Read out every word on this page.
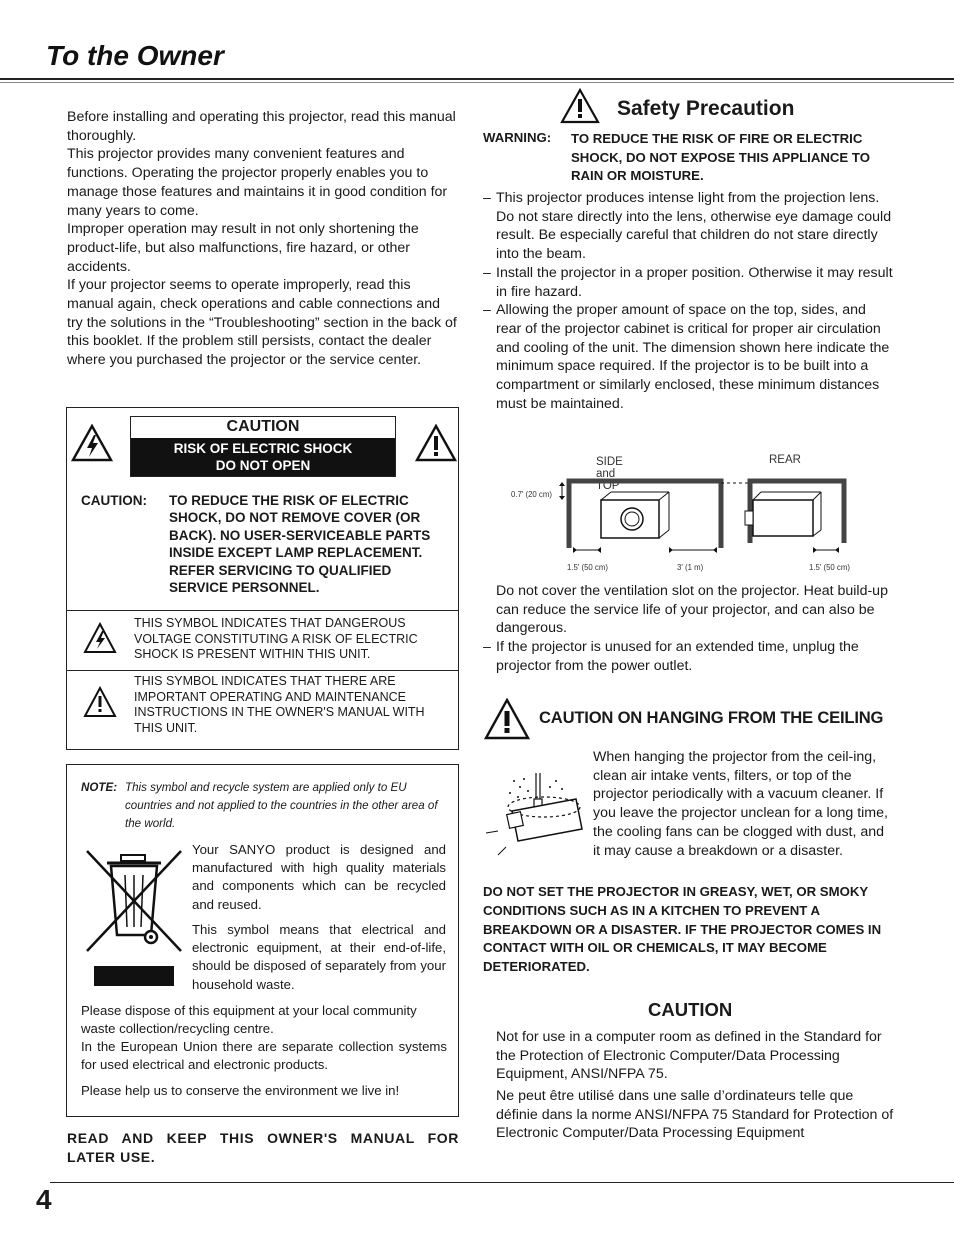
To the Owner

Before installing and operating this projector, read this manual thoroughly.

This projector provides many convenient features and functions. Operating the projector properly enables you to manage those features and maintains it in good condition for many years to come.

Improper operation may result in not only shortening the product-life, but also malfunctions, fire hazard, or other accidents.

If your projector seems to operate improperly, read this manual again, check operations and cable connections and try the solutions in the “Troubleshooting” section in the back of this booklet. If the problem still persists, contact the dealer where you purchased the projector or the service center.

CAUTION
RISK OF ELECTRIC SHOCK
DO NOT OPEN
CAUTION: TO REDUCE THE RISK OF ELECTRIC SHOCK, DO NOT REMOVE COVER (OR BACK). NO USER-SERVICEABLE PARTS INSIDE EXCEPT LAMP REPLACEMENT. REFER SERVICING TO QUALIFIED SERVICE PERSONNEL.
THIS SYMBOL INDICATES THAT DANGEROUS VOLTAGE CONSTITUTING A RISK OF ELECTRIC SHOCK IS PRESENT WITHIN THIS UNIT.
THIS SYMBOL INDICATES THAT THERE ARE IMPORTANT OPERATING AND MAINTENANCE INSTRUCTIONS IN THE OWNER'S MANUAL WITH THIS UNIT.
NOTE: This symbol and recycle system are applied only to EU countries and not applied to the countries in the other area of the world.

Your SANYO product is designed and manufactured with high quality materials and components which can be recycled and reused.

This symbol means that electrical and electronic equipment, at their end-of-life, should be disposed of separately from your household waste.

Please dispose of this equipment at your local community waste collection/recycling centre.

In the European Union there are separate collection systems for used electrical and electronic products.

Please help us to conserve the environment we live in!

READ AND KEEP THIS OWNER'S MANUAL FOR LATER USE.
Safety Precaution
WARNING: TO REDUCE THE RISK OF FIRE OR ELECTRIC SHOCK, DO NOT EXPOSE THIS APPLIANCE TO RAIN OR MOISTURE.
– This projector produces intense light from the projection lens. Do not stare directly into the lens, otherwise eye damage could result. Be especially careful that children do not stare directly into the beam.
– Install the projector in a proper position. Otherwise it may result in fire hazard.
– Allowing the proper amount of space on the top, sides, and rear of the projector cabinet is critical for proper air circulation and cooling of the unit. The dimension shown here indicate the minimum space required. If the projector is to be built into a compartment or similarly enclosed, these minimum distances must be maintained.
SIDE and TOP
REAR
0.7' (20 cm)
1.5' (50 cm)	3' (1 m)	1.5' (50 cm)

Do not cover the ventilation slot on the projector. Heat build-up can reduce the service life of your projector, and can also be dangerous.

– If the projector is unused for an extended time, unplug the projector from the power outlet.
CAUTION ON HANGING FROM THE CEILING

When hanging the projector from the ceil-ing, clean air intake vents, filters, or top of the projector periodically with a vacuum cleaner. If you leave the projector unclean for a long time, the cooling fans can be clogged with dust, and it may cause a breakdown or a disaster.

DO NOT SET THE PROJECTOR IN GREASY, WET, OR SMOKY CONDITIONS SUCH AS IN A KITCHEN TO PREVENT A BREAKDOWN OR A DISASTER. IF THE PROJECTOR COMES IN CONTACT WITH OIL OR CHEMICALS, IT MAY BECOME DETERIORATED.

CAUTION

Not for use in a computer room as defined in the Standard for the Protection of Electronic Computer/Data Processing Equipment, ANSI/NFPA 75.

Ne peut être utilisé dans une salle d’ordinateurs telle que définie dans la norme ANSI/NFPA 75 Standard for Protection of Electronic Computer/Data Processing Equipment

4
